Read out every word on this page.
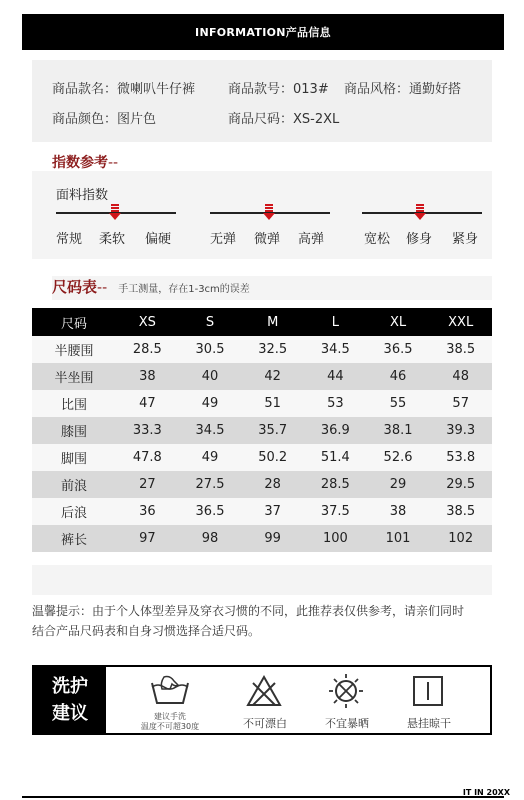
INFORMATION产品信息
商品款名：微喇叭牛仔裤	商品款号：013# 商品风格：通勤好搭
商品颜色：图片色	商品尺码：XS-2XL
指数参考--
面料指数
常规 柔软 偏硬	无弹 微弹 高弹	宽松 修身 紧身
尺码表-- 手工测量，存在1-3cm的误差
尺码	XS	S	M	L	XL	XXL
半腰围	28.5	30.5	32.5	34.5	36.5	38.5
半坐围	38	40	42	44	46	48
比围	47	49	51	53	55	57
膝围	33.3	34.5	35.7	36.9	38.1	39.3
脚围	47.8	49	50.2	51.4	52.6	53.8
前浪	27	27.5	28	28.5	29	29.5
后浪	36	36.5	37	37.5	38	38.5
裤长	97	98	99	100	101	102
温馨提示：由于个人体型差异及穿衣习惯的不同，此推荐表仅供参考，请亲们同时
结合产品尺码表和自身习惯选择合适尺码。
洗护
建议	建议手洗
温度不可超30度	不可漂白	不宜暴晒	悬挂晾干
IT IN 20XX
